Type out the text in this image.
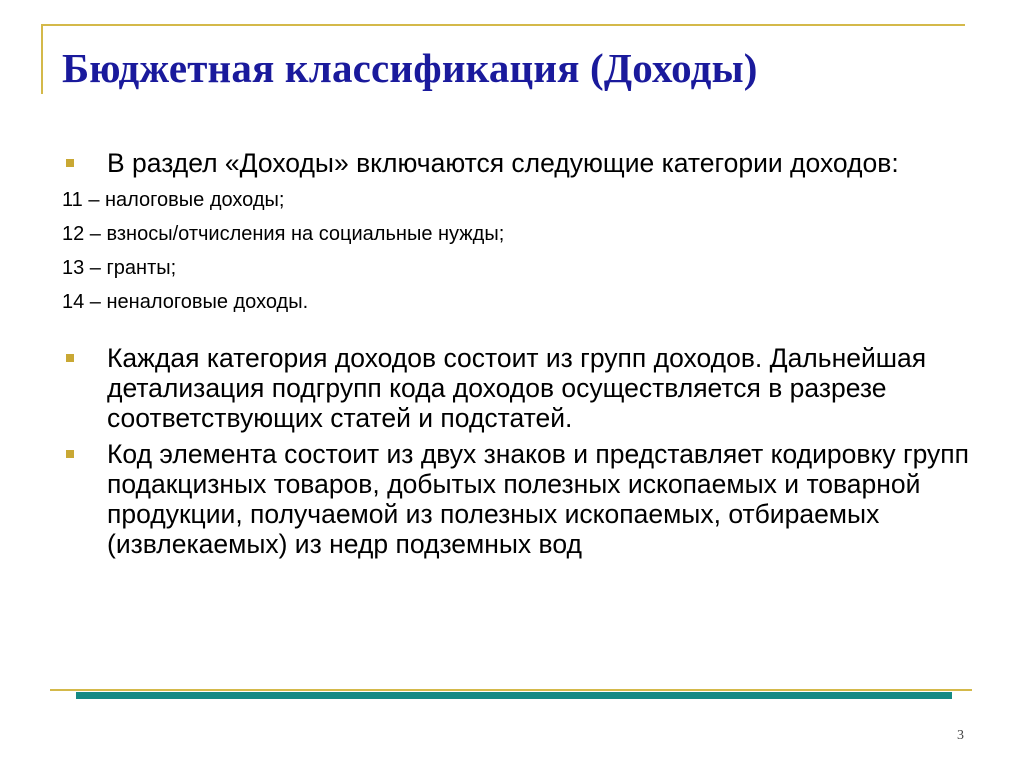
Бюджетная классификация (Доходы)
В раздел «Доходы» включаются следующие категории доходов:
11 – налоговые доходы;
12 – взносы/отчисления на социальные нужды;
13 – гранты;
14 – неналоговые доходы.
Каждая категория доходов состоит из групп доходов. Дальнейшая детализация подгрупп кода доходов осуществляется в разрезе соответствующих статей и подстатей.
Код элемента состоит из двух знаков и представляет кодировку групп подакцизных товаров, добытых полезных ископаемых и товарной продукции, получаемой из полезных ископаемых, отбираемых (извлекаемых) из недр подземных вод
3
